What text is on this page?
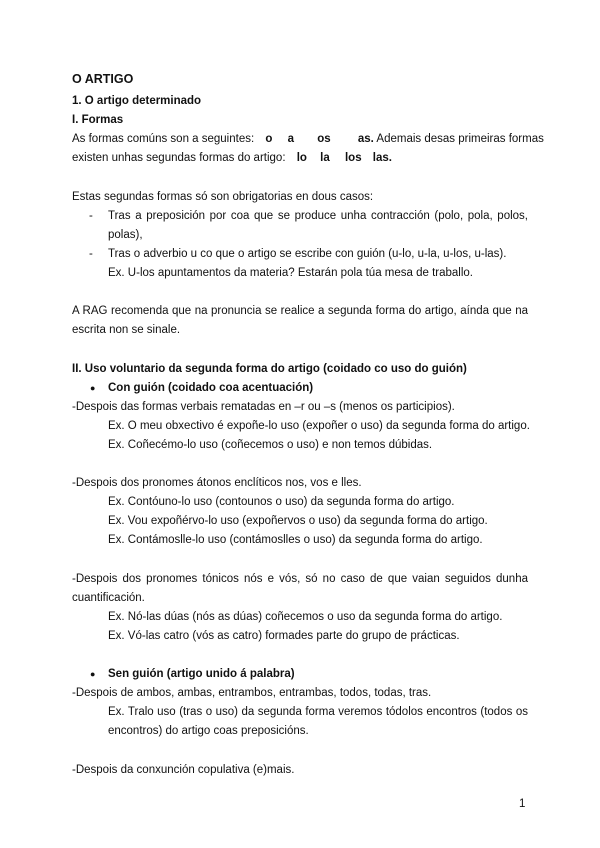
O ARTIGO
1. O artigo determinado
I. Formas
As formas comúns son a seguintes: o a os as. Ademais desas primeiras formas
existen unhas segundas formas do artigo: lo la los las.
Estas segundas formas só son obrigatorias en dous casos:
- Tras a preposición por coa que se produce unha contracción (polo, pola, polos,
polas),
- Tras o adverbio u co que o artigo se escribe con guión (u-lo, u-la, u-los, u-las).
Ex. U-los apuntamentos da materia? Estarán pola túa mesa de traballo.
A RAG recomenda que na pronuncia se realice a segunda forma do artigo, aínda que na
escrita non se sinale.
II. Uso voluntario da segunda forma do artigo (coidado co uso do guión)
● Con guión (coidado coa acentuación)
-Despois das formas verbais rematadas en –r ou –s (menos os participios).
Ex. O meu obxectivo é expoñe-lo uso (expoñer o uso) da segunda forma do artigo.
Ex. Coñecémo-lo uso (coñecemos o uso) e non temos dúbidas.
-Despois dos pronomes átonos enclíticos nos, vos e lles.
Ex. Contóuno-lo uso (contounos o uso) da segunda forma do artigo.
Ex. Vou expoñérvo-lo uso (expoñervos o uso) da segunda forma do artigo.
Ex. Contámoslle-lo uso (contámoslles o uso) da segunda forma do artigo.
-Despois dos pronomes tónicos nós e vós, só no caso de que vaian seguidos dunha
cuantificación.
Ex. Nó-las dúas (nós as dúas) coñecemos o uso da segunda forma do artigo.
Ex. Vó-las catro (vós as catro) formades parte do grupo de prácticas.
● Sen guión (artigo unido á palabra)
-Despois de ambos, ambas, entrambos, entrambas, todos, todas, tras.
Ex. Tralo uso (tras o uso) da segunda forma veremos tódolos encontros (todos os
encontros) do artigo coas preposicións.
-Despois da conxunción copulativa (e)mais.
1
